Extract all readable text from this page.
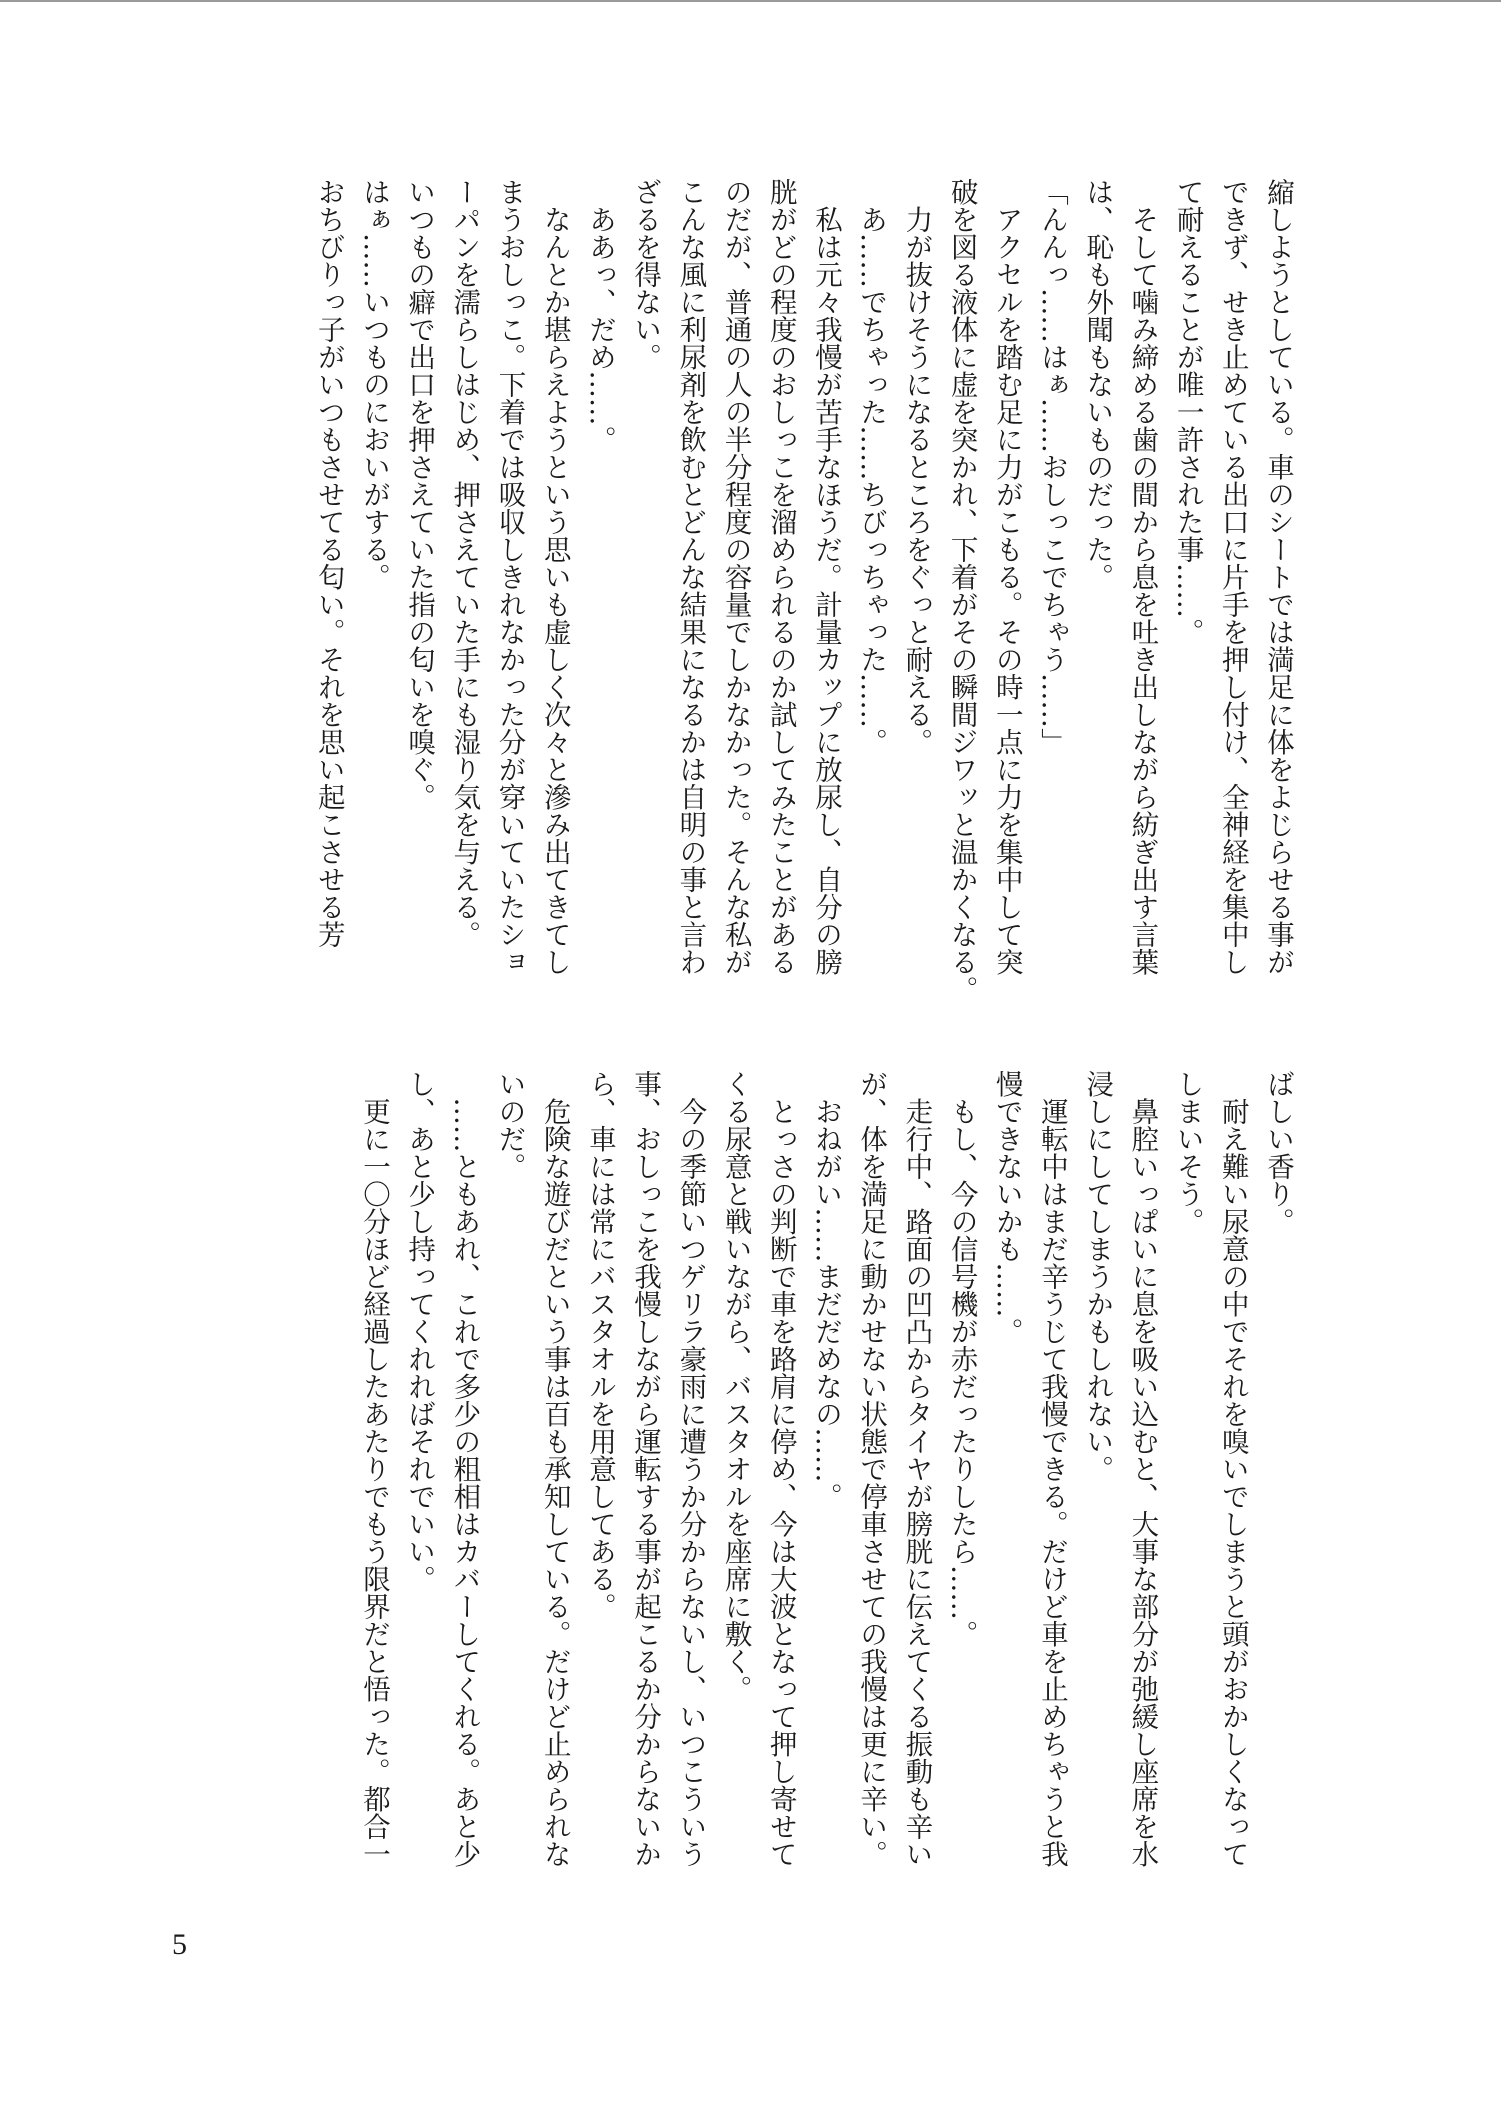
縮しようとしている。車のシートでは満足に体をよじらせる事が
できず、せき止めている出口に片手を押し付け、全神経を集中し
て耐えることが唯一許された事……。
　そして噛み締める歯の間から息を吐き出しながら紡ぎ出す言葉
は、恥も外聞もないものだった。
「んんっ……はぁ……おしっこでちゃう……」
　アクセルを踏む足に力がこもる。その時一点に力を集中して突
破を図る液体に虚を突かれ、下着がその瞬間ジワッと温かくなる。
　力が抜けそうになるところをぐっと耐える。
　あ……でちゃった……ちびっちゃった……。
　私は元々我慢が苦手なほうだ。計量カップに放尿し、自分の膀
胱がどの程度のおしっこを溜められるのか試してみたことがある
のだが、普通の人の半分程度の容量でしかなかった。そんな私が
こんな風に利尿剤を飲むとどんな結果になるかは自明の事と言わ
ざるを得ない。
　ああっ、だめ……。
　なんとか堪らえようという思いも虚しく次々と滲み出てきてし
まうおしっこ。下着では吸収しきれなかった分が穿いていたショ
ーパンを濡らしはじめ、押さえていた手にも湿り気を与える。
いつもの癖で出口を押さえていた指の匂いを嗅ぐ。
はぁ……いつものにおいがする。
おちびりっ子がいつもさせてる匂い。それを思い起こさせる芳
ばしい香り。
　耐え難い尿意の中でそれを嗅いでしまうと頭がおかしくなって
しまいそう。
　鼻腔いっぱいに息を吸い込むと、大事な部分が弛緩し座席を水
浸しにしてしまうかもしれない。
　運転中はまだ辛うじて我慢できる。だけど車を止めちゃうと我
慢できないかも……。
　もし、今の信号機が赤だったりしたら……。
　走行中、路面の凹凸からタイヤが膀胱に伝えてくる振動も辛い
が、体を満足に動かせない状態で停車させての我慢は更に辛い。
　おねがい……まだだめなの……。
　とっさの判断で車を路肩に停め、今は大波となって押し寄せて
くる尿意と戦いながら、バスタオルを座席に敷く。
　今の季節いつゲリラ豪雨に遭うか分からないし、いつこういう
事、おしっこを我慢しながら運転する事が起こるか分からないか
ら、車には常にバスタオルを用意してある。
　危険な遊びだという事は百も承知している。だけど止められな
いのだ。
　……ともあれ、これで多少の粗相はカバーしてくれる。あと少
し、あと少し持ってくれればそれでいい。
　更に一〇分ほど経過したあたりでもう限界だと悟った。都合一
5
